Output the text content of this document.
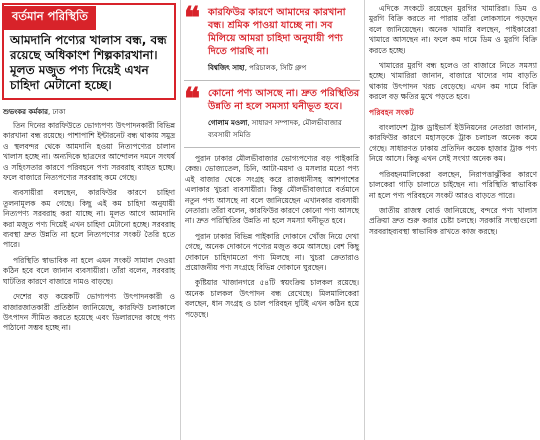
বর্তমান পরিস্থিতি
আমদানি পণ্যের খালাস বন্ধ, বন্ধ রয়েছে অধিকাংশ শিল্পকারখানা। মূলত মজুত পণ্য দিয়েই এখন চাহিদা মেটানো হচ্ছে।
শুভংকর কর্মকার, ঢাকা

তিন দিনের কারফিউতে ভোগ্যপণ্য উৎপাদনকারী বিভিন্ন কারখানা বন্ধ রয়েছে। পাশাপাশি ইন্টারনেট বন্ধ থাকায় সমুদ্র ও স্থলবন্দর থেকে আমদানি হওয়া নিত্যপণ্যের চালান খালাস হচ্ছে না। অন্যদিকে ছাত্রদের আন্দোলন দমনে সংঘর্ষ ও সহিংসতার কারণে পরিবহনে পণ্য সরবরাহ ব্যাহত হচ্ছে। ফলে বাজারে নিত্যপণ্যের সরবরাহ কমে গেছে।

ব্যবসায়ীরা বলছেন, কারফিউর কারণে চাহিদা তুলনামূলক কম গেছে। কিছু এই কম চাহিদা অনুযায়ী নিত্যপণ্য সরবরাহ করা যাচ্ছে না। মূলত আগে আমদানি করা মজুত পণ্য দিয়েই এখন চাহিদা মেটানো হচ্ছে। সরবরাহ ব্যবস্থা দ্রুত উন্নতি না হলে নিত্যপণ্যের সংকট তৈরি হতে পারে।

পরিস্থিতি স্বাভাবিক না হলে এমন সংকট সামাল দেওয়া কঠিন হবে বলে জানান ব্যবসায়ীরা। তাঁরা বলেন, সরবরাহ ঘাটতির কারণে বাজারে দামও বাড়ছে।

দেশের বড় কয়েকটি ভোগ্যপণ্য উৎপাদনকারী ও বাজারজাতকারী প্রতিষ্ঠান জানিয়েছে, কারফিউ চলাকালে উৎপাদন সীমিত করতে হয়েছে এবং ডিলারদের কাছে পণ্য পাঠানো সম্ভব হচ্ছে না।

❝ কারফিউর কারণে আমাদের কারখানা বন্ধ। শ্রমিক পাওয়া যাচ্ছে না। সব মিলিয়ে আমরা চাহিদা অনুযায়ী পণ্য দিতে পারছি না।
বিশ্বজিৎ সাহা, পরিচালক, সিটি গ্রুপ
❝ কোনো পণ্য আসছে না। দ্রুত পরিস্থিতির উন্নতি না হলে সমস্যা ঘনীভূত হবে।
গোলাম মওলা, সাধারণ সম্পাদক, মৌলভীবাজার ব্যবসায়ী সমিতি

পুরান ঢাকার মৌলভীবাজার ভোগ্যপণ্যের বড় পাইকারি কেন্দ্র। ভোজ্যতেল, চিনি, আটা-ময়দা ও মসলার মতো পণ্য এই বাজার থেকে সংগ্রহ করে রাজধানীসহ আশপাশের এলাকার খুচরা ব্যবসায়ীরা। কিন্তু মৌলভীবাজারে বর্তমানে নতুন পণ্য আসছে না বলে জানিয়েছেন এখানকার ব্যবসায়ী নেতারা। তাঁরা বলেন, কারফিউর কারণে কোনো পণ্য আসছে না। দ্রুত পরিস্থিতির উন্নতি না হলে সমস্যা ঘনীভূত হবে।

পুরান ঢাকার বিভিন্ন পাইকারি দোকানে খোঁজ নিয়ে দেখা গেছে, অনেক দোকানে পণ্যের মজুত কমে আসছে। বেশ কিছু দোকানে চাহিদামতো পণ্য মিলছে না। খুচরা ক্রেতারাও প্রয়োজনীয় পণ্য সংগ্রহে বিভিন্ন দোকানে ঘুরছেন।

কুষ্টিয়ার খাজানগরে ৫৪টি স্বয়ংক্রিয় চালকল রয়েছে। অনেক চালকল উৎপাদন বন্ধ রেখেছে। মিলমালিকেরা বলছেন, ধান সংগ্রহ ও চাল পরিবহন দুটিই এখন কঠিন হয়ে পড়েছে।

এদিকে সংকটে রয়েছেন মুরগির খামারিরা। ডিম ও মুরগি বিক্রি করতে না পারায় তাঁরা লোকসানে পড়ছেন বলে জানিয়েছেন। অনেক খামারি বলছেন, পাইকারেরা খামারে আসছেন না। ফলে কম দামে ডিম ও মুরগি বিক্রি করতে হচ্ছে।

খামারের মুরগি বন্ধ হলেও তা বাজারে নিতে সমস্যা হচ্ছে। খামারিরা জানান, বাজারে খাদ্যের দাম বাড়তি থাকায় উৎপাদন খরচ বেড়েছে। এখন কম দামে বিক্রি করলে বড় ক্ষতির মুখে পড়তে হবে।

পরিবহন সংকট

বাংলাদেশ ট্রাক ড্রাইভার্স ইউনিয়নের নেতারা জানান, কারফিউর কারণে মহাসড়কে ট্রাক চলাচল অনেক কমে গেছে। সাধারণত ঢাকায় প্রতিদিন কয়েক হাজার ট্রাক পণ্য নিয়ে আসে। কিন্তু এখন সেই সংখ্যা অনেক কম।

পরিবহনমালিকেরা বলছেন, নিরাপত্তাঝুঁকির কারণে চালকেরা গাড়ি চালাতে চাইছেন না। পরিস্থিতি স্বাভাবিক না হলে পণ্য পরিবহনে সংকট আরও বাড়তে পারে।

জাতীয় রাজস্ব বোর্ড জানিয়েছে, বন্দরে পণ্য খালাস প্রক্রিয়া দ্রুত শুরু করার চেষ্টা চলছে। সরকারি সংস্থাগুলো সরবরাহব্যবস্থা স্বাভাবিক রাখতে কাজ করছে।
